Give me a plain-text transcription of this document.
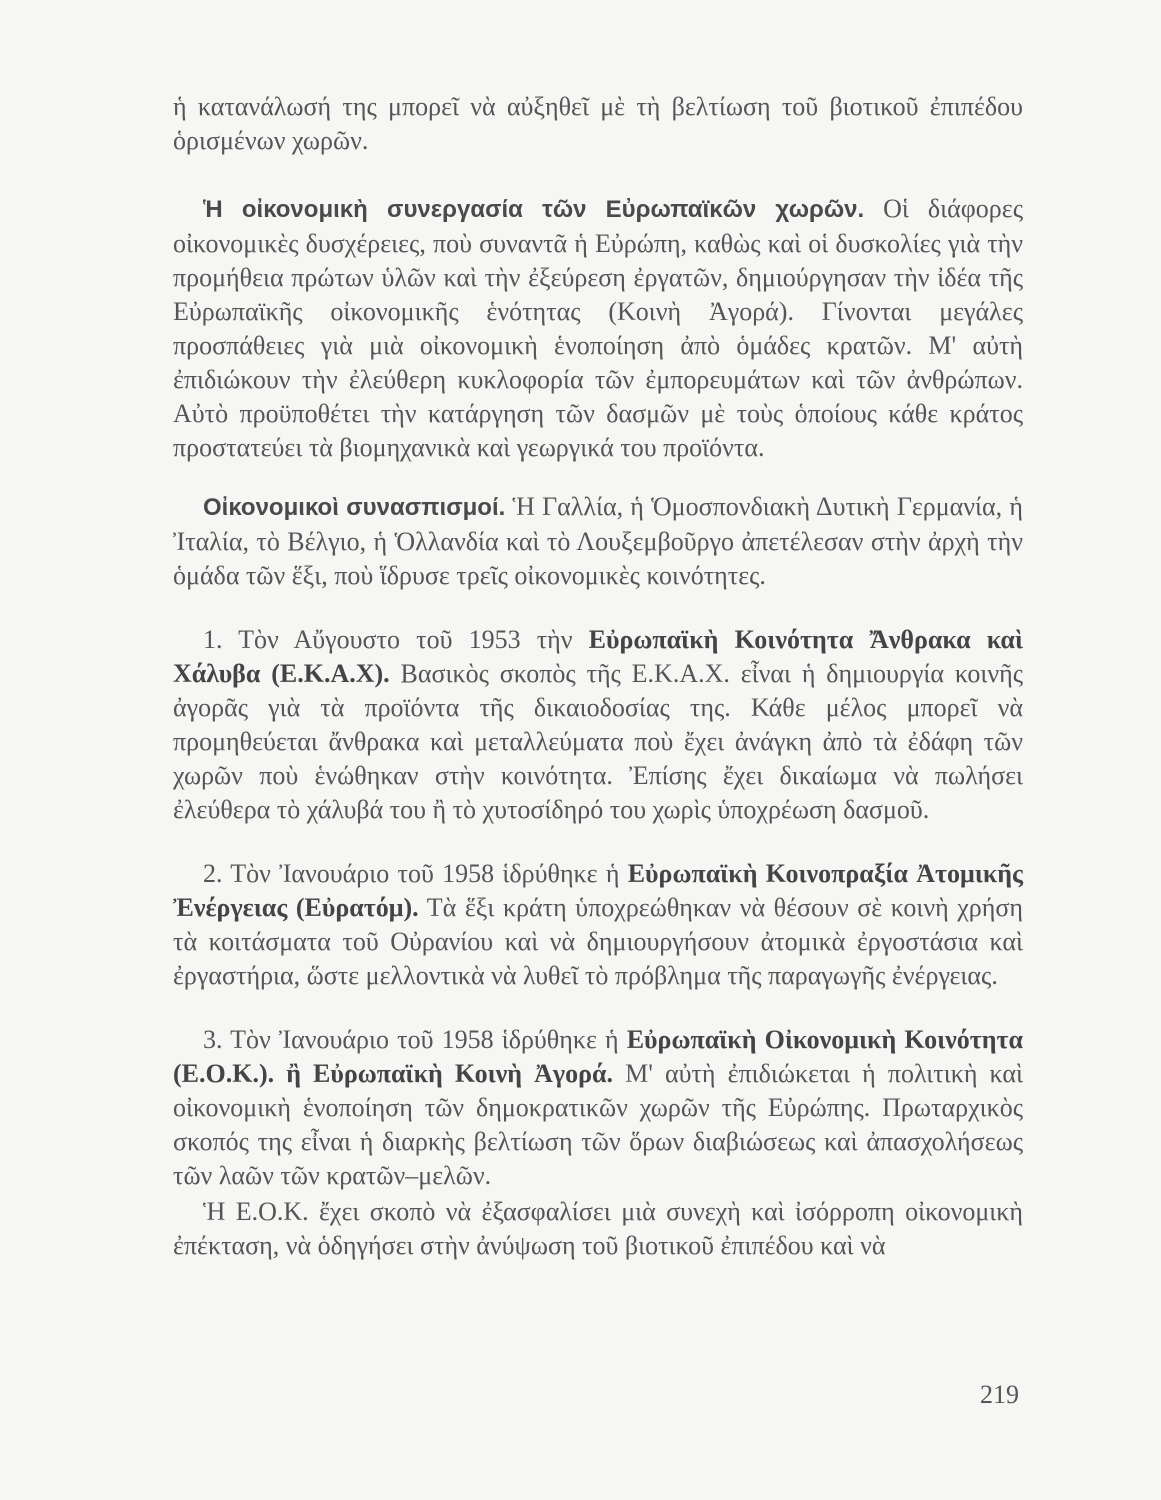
ἡ κατανάλωσή της μπορεῖ νὰ αὐξηθεῖ μὲ τὴ βελτίωση τοῦ βιοτικοῦ ἐπιπέδου ὁρισμένων χωρῶν.

Ἡ οἰκονομικὴ συνεργασία τῶν Εὐρωπαϊκῶν χωρῶν. Οἱ διάφορες οἰκονομικὲς δυσχέρειες, ποὺ συναντᾶ ἡ Εὐρώπη, καθὼς καὶ οἱ δυσκολίες γιὰ τὴν προμήθεια πρώτων ὑλῶν καὶ τὴν ἐξεύρεση ἐργατῶν, δημιούργησαν τὴν ἰδέα τῆς Εὐρωπαϊκῆς οἰκονομικῆς ἑνότητας (Κοινὴ Ἀγορά). Γίνονται μεγάλες προσπάθειες γιὰ μιὰ οἰκονομικὴ ἑνοποίηση ἀπὸ ὁμάδες κρατῶν. Μ' αὐτὴ ἐπιδιώκουν τὴν ἐλεύθερη κυκλοφορία τῶν ἐμπορευμάτων καὶ τῶν ἀνθρώπων. Αὐτὸ προϋποθέτει τὴν κατάργηση τῶν δασμῶν μὲ τοὺς ὁποίους κάθε κράτος προστατεύει τὰ βιομηχανικὰ καὶ γεωργικά του προϊόντα.

Οἰκονομικοὶ συνασπισμοί. Ἡ Γαλλία, ἡ Ὁμοσπονδιακὴ Δυτικὴ Γερμανία, ἡ Ἰταλία, τὸ Βέλγιο, ἡ Ὁλλανδία καὶ τὸ Λουξεμβοῦργο ἀπετέλεσαν στὴν ἀρχὴ τὴν ὁμάδα τῶν ἕξι, ποὺ ἵδρυσε τρεῖς οἰκονομικὲς κοινότητες.

1. Τὸν Αὔγουστο τοῦ 1953 τὴν Εὐρωπαϊκὴ Κοινότητα Ἄνθρακα καὶ Χάλυβα (Ε.Κ.Α.Χ). Βασικὸς σκοπὸς τῆς Ε.Κ.Α.Χ. εἶναι ἡ δημιουργία κοινῆς ἀγορᾶς γιὰ τὰ προϊόντα τῆς δικαιοδοσίας της. Κάθε μέλος μπορεῖ νὰ προμηθεύεται ἄνθρακα καὶ μεταλλεύματα ποὺ ἔχει ἀνάγκη ἀπὸ τὰ ἐδάφη τῶν χωρῶν ποὺ ἑνώθηκαν στὴν κοινότητα. Ἐπίσης ἔχει δικαίωμα νὰ πωλήσει ἐλεύθερα τὸ χάλυβά του ἢ τὸ χυτοσίδηρό του χωρὶς ὑποχρέωση δασμοῦ.

2. Τὸν Ἰανουάριο τοῦ 1958 ἱδρύθηκε ἡ Εὐρωπαϊκὴ Κοινοπραξία Ἀτομικῆς Ἐνέργειας (Εὐρατόμ). Τὰ ἕξι κράτη ὑποχρεώθηκαν νὰ θέσουν σὲ κοινὴ χρήση τὰ κοιτάσματα τοῦ Οὐρανίου καὶ νὰ δημιουργήσουν ἀτομικὰ ἐργοστάσια καὶ ἐργαστήρια, ὥστε μελλοντικὰ νὰ λυθεῖ τὸ πρόβλημα τῆς παραγωγῆς ἐνέργειας.

3. Τὸν Ἰανουάριο τοῦ 1958 ἱδρύθηκε ἡ Εὐρωπαϊκὴ Οἰκονομικὴ Κοινότητα (Ε.Ο.Κ.). ἢ Εὐρωπαϊκὴ Κοινὴ Ἀγορά. Μ' αὐτὴ ἐπιδιώκεται ἡ πολιτικὴ καὶ οἰκονομικὴ ἑνοποίηση τῶν δημοκρατικῶν χωρῶν τῆς Εὐρώπης. Πρωταρχικὸς σκοπός της εἶναι ἡ διαρκὴς βελτίωση τῶν ὅρων διαβιώσεως καὶ ἀπασχολήσεως τῶν λαῶν τῶν κρατῶν–μελῶν.

Ἡ Ε.Ο.Κ. ἔχει σκοπὸ νὰ ἐξασφαλίσει μιὰ συνεχὴ καὶ ἰσόρροπη οἰκονομικὴ ἐπέκταση, νὰ ὁδηγήσει στὴν ἀνύψωση τοῦ βιοτικοῦ ἐπιπέδου καὶ νὰ

219
